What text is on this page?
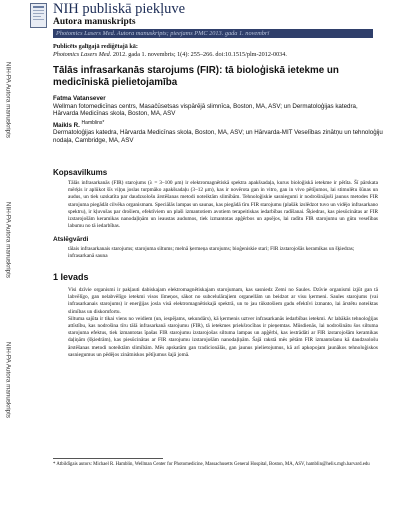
NIH publiskā piekļuve
Autora manuskripts
Photomics Lasers Med. Autora manuskripts; pieejams PMC 2013. gada 1. novembrī
NIH-PA Autora manuskripts
NIH-PA Autora manuskripts
NIH-PA Autora manuskripts
Publicēts galīgajā rediģētajā kā:
Photomics Lasers Med. 2012. gada 1. novembris; 1(4): 255–266. doi:10.1515/plm-2012-0034.
Tālās infrasarkanās starojums (FIR): tā bioloģiskā ietekme un medicīniskā pielietojamība
Fatma Vatansever
Wellman fotomedicīnas centrs, Masačūsetsas vispārējā slimnīca, Boston, MA, ASV; un Dermatoloģijas katedra, Hārvarda Medicīnas skola, Boston, MA, ASV
Maikls R. $^{Hamblins*}$
Dermatoloģijas katedra, Hārvarda Medicīnas skola, Boston, MA, ASV; un Hārvarda-MIT Veselības zinātņu un tehnoloģiju nodaļa, Cambridge, MA, ASV
Kopsavilkums
Tālās infrasarkanās (FIR) starojums (λ = 3–100 μm) ir elektromagnētiskā spektra apakšsadaļa, kurus bioloģiskā ietekme ir pētīta. Šī pārskata mērķis ir aplūkot šīs viļņu joslas turpmāko apakšsadaļu (3–12 μm), kas ir novērota gan in vitro, gan in vivo pētījumos, lai stimulētu šūnas un audus, un tiek uzskatīta par daudzsološu ārstēšanas metodi noteiktām slimībām. Tehnoloģiskie sasniegumi ir nodrošinājuši jaunus metodes FIR starojuma piegādāt cilvēka organismam. Speciālās lampas un saunas, kas piegādā tīru FIR starojumu (plašāk izslēdzot tuvo un vidējo infrasarkano spektru), ir kļuvušas par drošiem, efektīviem un plaši izmantotiem avotiem terapeitiskas iedarbības radīšanai. Šķiedras, kas piesūcinātas ar FIR izstarojošām keramikas nanodaļiņām un ieaustas audumos, tiek izmantotas apģērbos un apsējos, lai radītu FIR starojumu un gūtu veselības labumu no tā iedarbības.
Atslēgvārdi
tālais infrasarkanais starojums; starojuma siltums; melnā ķermeņa starojums; bioģeniskie stari; FIR izstarojošās keramikas un šķiedras; infrasarkanā sauna
1 Ievads

Visi dzīvie organismi ir pakļauti dabiskajam elektromagnētiskajam starojumam, kas sasniedz Zemi no Saules. Dzīvie organismi izjūt gan tā labvēlīgo, gan nelabvēlīgo ietekmi visos līmeņos, sākot no subcelulārajiem organellām un beidzot ar visu ķermeni. Saules starojums (vai infrasarkanais starojums) ir enerģijas josla visā elektromagnētiskajā spektrā, un to jau tūkstošiem gadu efektīvi izmanto, lai ārstētu noteiktas slimības un diskomfortu.

Siltuma sajūta ir tikai viens no veidiem (un, iespējams, sekundārs), kā ķermenis uztver infrasarkanās iedarbības ietekmi. Ar labākās tehnoloģijas attīstību, kas nodrošina tīru tālā infrasarkanā starojumu (FIR), tā ietekmes priekšrocības ir pieņemtas. Mūsdienās, lai nodrošinātu šos siltuma starojuma efektus, tiek izmantotas īpašas FIR starojumu izstarojošas siltuma lampas un apģērbi, kas iestrādāti ar FIR izstarojošām keramikas daļiņām (šķiedrām), kas piesūcinātas ar FIR starojumu izstarojošām nanodaļiņām. Šajā rakstā mēs pētām FIR izmantošanu kā daudzsološu ārstēšanas metodi noteiktām slimībām. Mēs apskatām gan tradicionālās, gan jaunus pielietojumus, kā arī apkopojam jaunākos tehnoloģiskos sasniegumus un pēdējos zinātniskos pētījumus šajā jomā.

* Atbildīgais autors: Michael R. Hamblin, Wellman Center for Photomedicine, Massachusetts General Hospital, Boston, MA, ASV, hamblin@helix.mgh.harvard.edu
